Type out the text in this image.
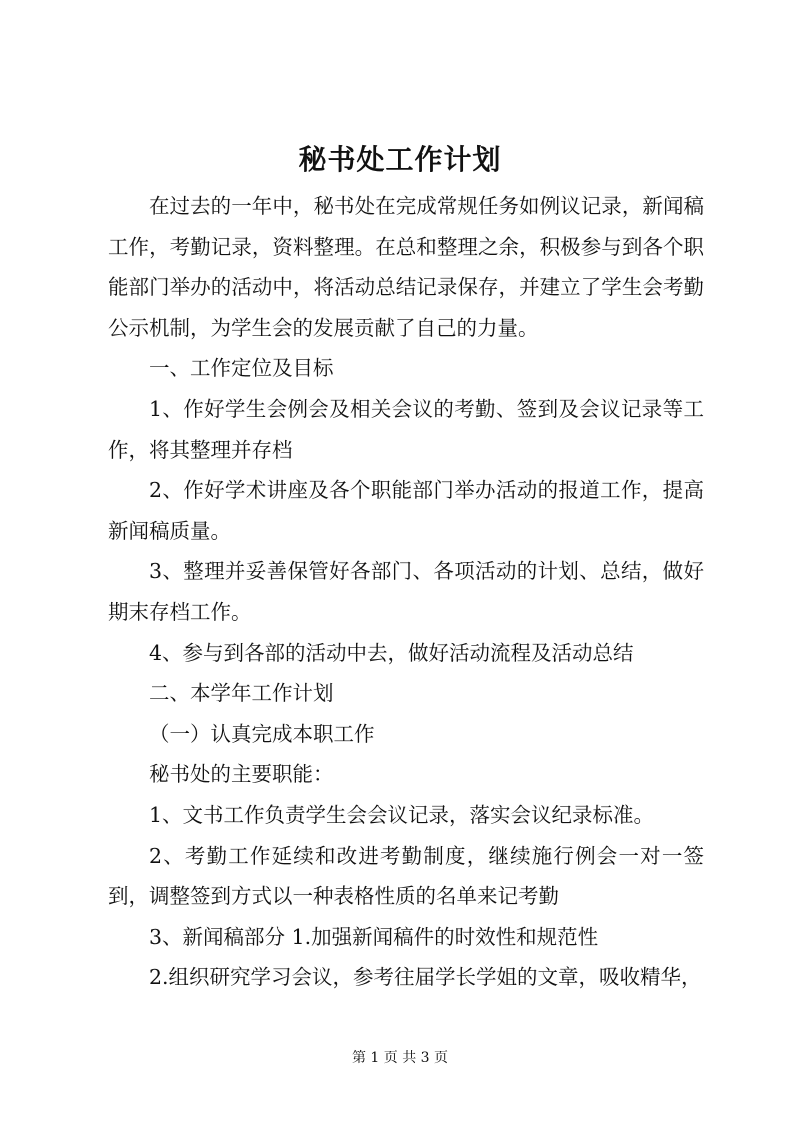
秘书处工作计划

在过去的一年中，秘书处在完成常规任务如例议记录，新闻稿工作，考勤记录，资料整理。在总和整理之余，积极参与到各个职能部门举办的活动中，将活动总结记录保存，并建立了学生会考勤公示机制，为学生会的发展贡献了自己的力量。

一、工作定位及目标

1、作好学生会例会及相关会议的考勤、签到及会议记录等工作，将其整理并存档

2、作好学术讲座及各个职能部门举办活动的报道工作，提高新闻稿质量。

3、整理并妥善保管好各部门、各项活动的计划、总结，做好期末存档工作。

4、参与到各部的活动中去，做好活动流程及活动总结

二、本学年工作计划

（一）认真完成本职工作

秘书处的主要职能：

1、文书工作负责学生会会议记录，落实会议纪录标准。

2、考勤工作延续和改进考勤制度，继续施行例会一对一签到，调整签到方式以一种表格性质的名单来记考勤

3、新闻稿部分 1.加强新闻稿件的时效性和规范性

2.组织研究学习会议，参考往届学长学姐的文章，吸收精华，

第 1 页 共 3 页
